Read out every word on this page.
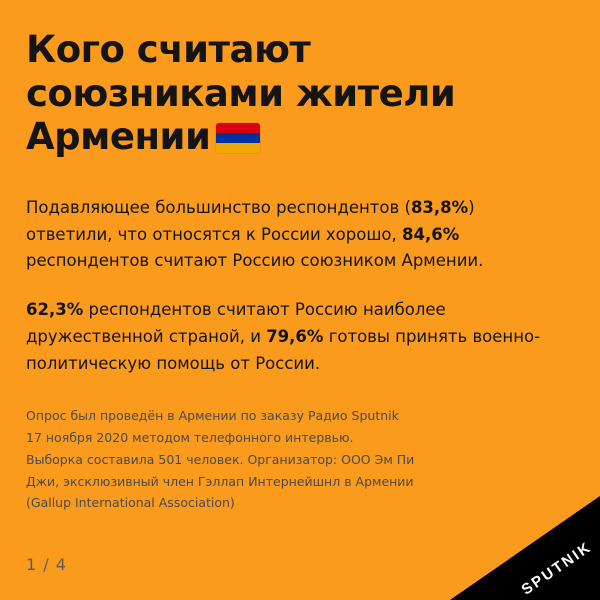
Кого считают
союзниками жители
Армении

Подавляющее большинство респондентов (83,8%) ответили, что относятся к России хорошо, 84,6% респондентов считают Россию союзником Армении.

62,3% респондентов считают Россию наиболее дружественной страной, и 79,6% готовы принять военно-политическую помощь от России.

Опрос был проведён в Армении по заказу Радио Sputnik
17 ноября 2020 методом телефонного интервью.
Выборка составила 501 человек. Организатор: ООО Эм Пи
Джи, эксклюзивный член Гэллап Интернейшнл в Армении
(Gallup International Association)
1 / 4	SPUTNIK
